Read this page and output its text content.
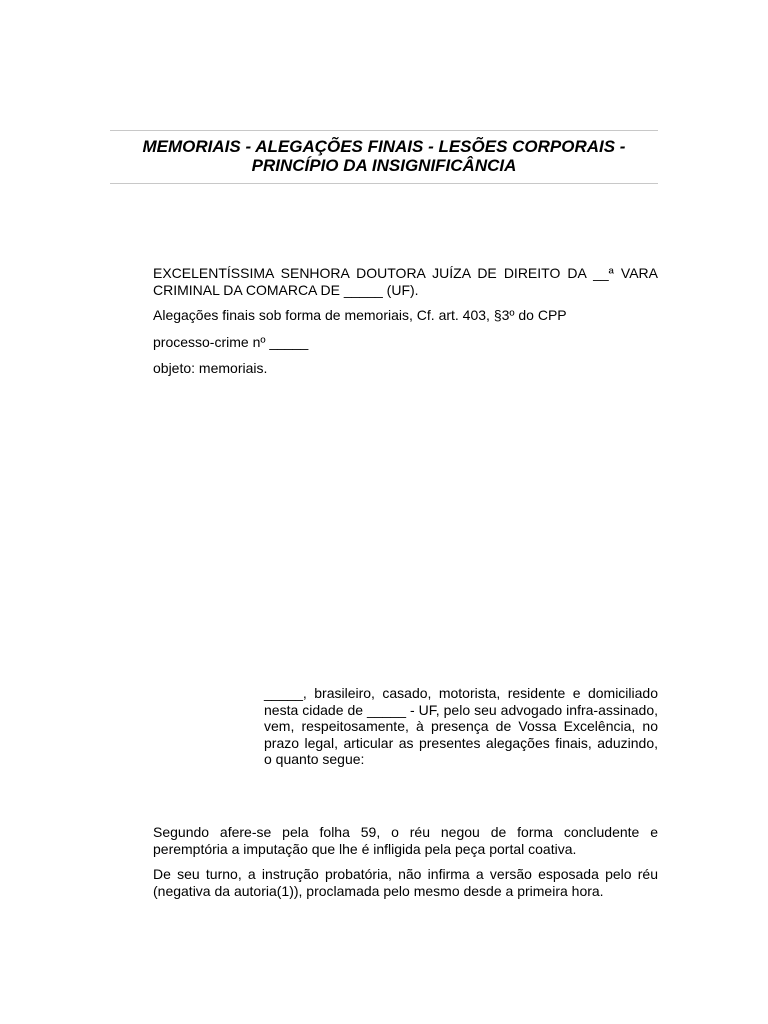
MEMORIAIS - ALEGAÇÕES FINAIS - LESÕES CORPORAIS -
PRINCÍPIO DA INSIGNIFICÂNCIA

EXCELENTÍSSIMA SENHORA DOUTORA JUÍZA DE DIREITO DA __ª VARA CRIMINAL DA COMARCA DE _____ (UF).

Alegações finais sob forma de memoriais, Cf. art. 403, §3º do CPP

processo-crime nº _____

objeto: memoriais.

_____, brasileiro, casado, motorista, residente e domiciliado nesta cidade de _____ - UF, pelo seu advogado infra-assinado, vem, respeitosamente, à presença de Vossa Excelência, no prazo legal, articular as presentes alegações finais, aduzindo, o quanto segue:

Segundo afere-se pela folha 59, o réu negou de forma concludente e peremptória a imputação que lhe é infligida pela peça portal coativa.

De seu turno, a instrução probatória, não infirma a versão esposada pelo réu (negativa da autoria(1)), proclamada pelo mesmo desde a primeira hora.
